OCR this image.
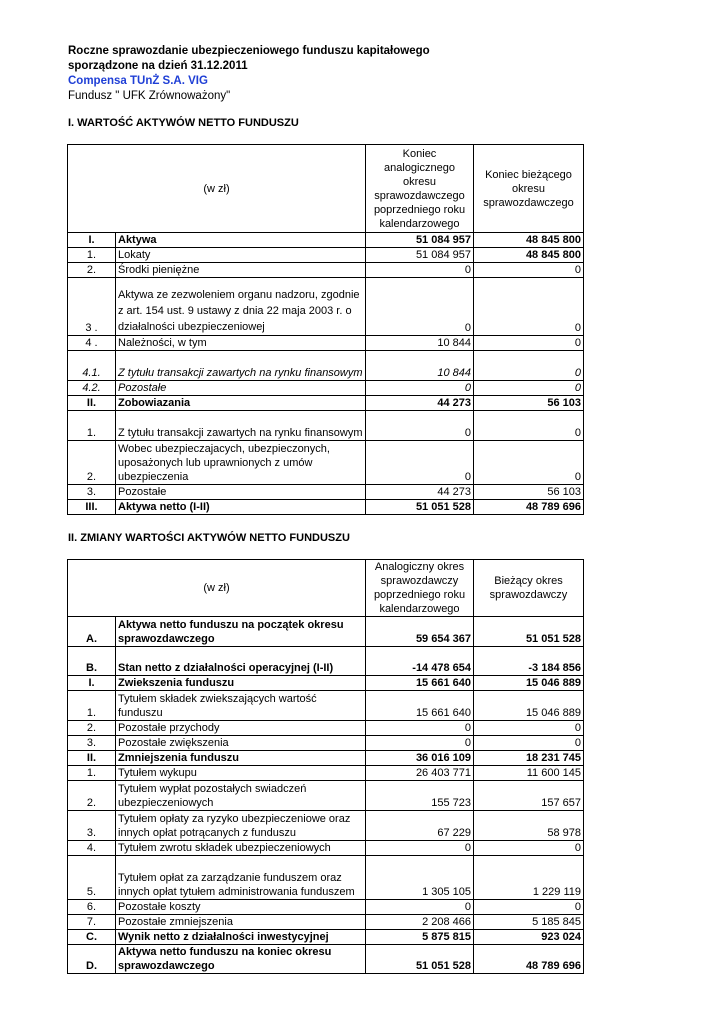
Roczne sprawozdanie ubezpieczeniowego funduszu kapitałowego
sporządzone na dzień 31.12.2011
Compensa TUnŻ S.A. VIG
Fundusz " UFK Zrównoważony"
I. WARTOŚĆ AKTYWÓW NETTO FUNDUSZU
(w zł)		Koniec analogicznego okresu sprawozdawczego poprzedniego roku kalendarzowego	Koniec bieżącego okresu sprawozdawczego
I.	Aktywa	51 084 957	48 845 800
1.	Lokaty	51 084 957	48 845 800
2.	Środki pieniężne	0	0
3 .	Aktywa ze zezwoleniem organu nadzoru, zgodnie z art. 154 ust. 9 ustawy z dnia 22 maja 2003 r. o działalności ubezpieczeniowej	0	0
4 .	Należności, w tym	10 844	0
4.1.	Z tytułu transakcji zawartych na rynku finansowym	10 844	0
4.2.	Pozostałe	0	0
II.	Zobowiazania	44 273	56 103
1.	Z tytułu transakcji zawartych na rynku finansowym	0	0
2.	Wobec ubezpieczajacych, ubezpieczonych, uposażonych lub uprawnionych z umów ubezpieczenia	0	0
3.	Pozostałe	44 273	56 103
III.	Aktywa netto (I-II)	51 051 528	48 789 696
II. ZMIANY WARTOŚCI AKTYWÓW NETTO FUNDUSZU
(w zł)		Analogiczny okres sprawozdawczy poprzedniego roku kalendarzowego	Bieżący okres sprawozdawczy
A.	Aktywa netto funduszu na początek okresu sprawozdawczego	59 654 367	51 051 528
B.	Stan netto z działalności operacyjnej (I-II)	-14 478 654	-3 184 856
I.	Zwiekszenia funduszu	15 661 640	15 046 889
1.	Tytułem składek zwiekszających wartość funduszu	15 661 640	15 046 889
2.	Pozostałe przychody	0	0
3.	Pozostałe zwiększenia	0	0
II.	Zmniejszenia funduszu	36 016 109	18 231 745
1.	Tytułem wykupu	26 403 771	11 600 145
2.	Tytułem wypłat pozostałych swiadczeń ubezpieczeniowych	155 723	157 657
3.	Tytułem opłaty za ryzyko ubezpieczeniowe oraz innych opłat potrącanych z funduszu	67 229	58 978
4.	Tytułem zwrotu składek ubezpieczeniowych	0	0
5.	Tytułem opłat za zarządzanie funduszem oraz innych opłat tytułem administrowania funduszem	1 305 105	1 229 119
6.	Pozostałe koszty	0	0
7.	Pozostałe zmniejszenia	2 208 466	5 185 845
C.	Wynik netto z działalności inwestycyjnej	5 875 815	923 024
D.	Aktywa netto funduszu na koniec okresu sprawozdawczego	51 051 528	48 789 696
